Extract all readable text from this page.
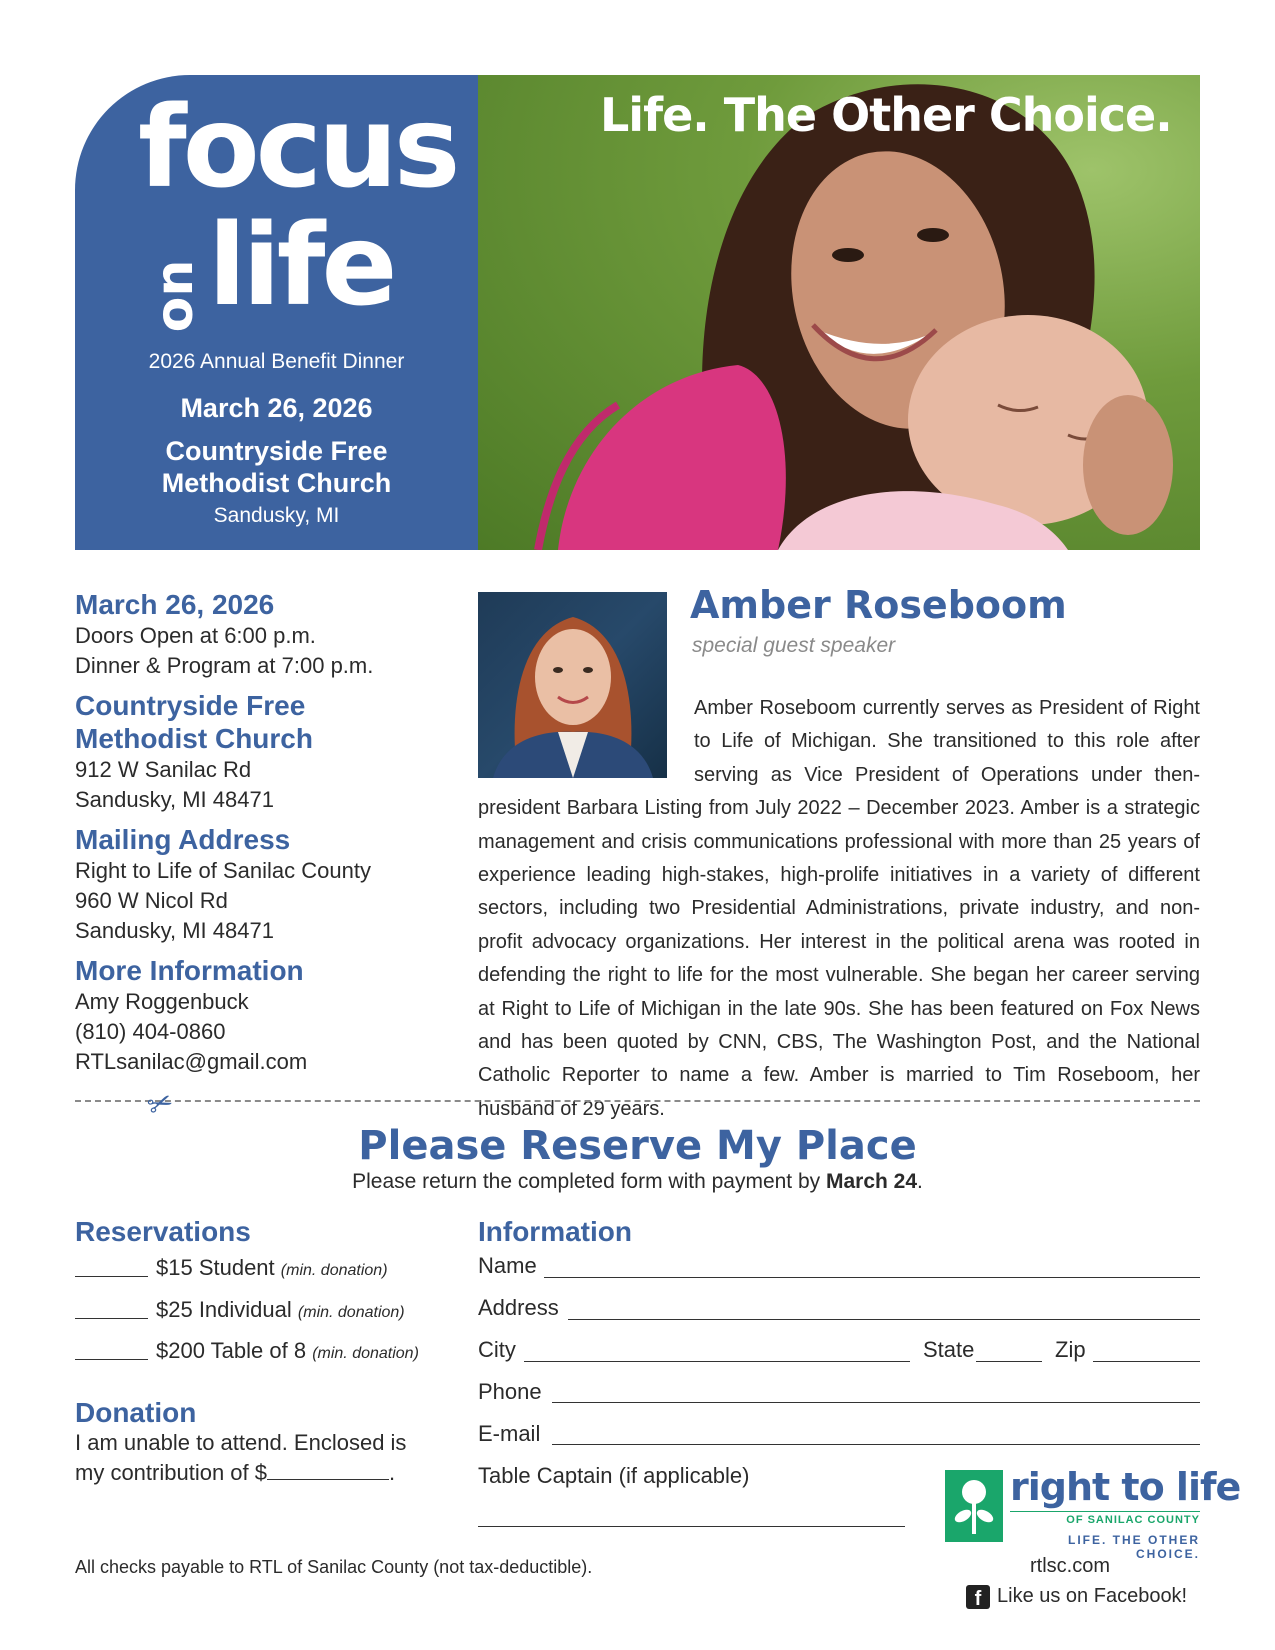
focus
on life
2026 Annual Benefit Dinner
March 26, 2026
Countryside Free
Methodist Church
Sandusky, MI
Life. The Other Choice.
March 26, 2026
Doors Open at 6:00 p.m.
Dinner & Program at 7:00 p.m.
Countryside Free
Methodist Church
912 W Sanilac Rd
Sandusky, MI 48471
Mailing Address
Right to Life of Sanilac County
960 W Nicol Rd
Sandusky, MI 48471
More Information
Amy Roggenbuck
(810) 404-0860
RTLsanilac@gmail.com
Amber Roseboom
special guest speaker
Amber Roseboom currently serves as President of Right to Life of Michigan. She transitioned to this role after serving as Vice President of Operations under then-president Barbara Listing from July 2022 – December 2023. Amber is a strategic management and crisis communications professional with more than 25 years of experience leading high-stakes, high-prolife initiatives in a variety of different sectors, including two Presidential Administrations, private industry, and non-profit advocacy organizations. Her interest in the political arena was rooted in defending the right to life for the most vulnerable. She began her career serving at Right to Life of Michigan in the late 90s. She has been featured on Fox News and has been quoted by CNN, CBS, The Washington Post, and the National Catholic Reporter to name a few. Amber is married to Tim Roseboom, her husband of 29 years.
✂
Please Reserve My Place
Please return the completed form with payment by March 24.
Reservations
$15 Student (min. donation)
$25 Individual (min. donation)
$200 Table of 8 (min. donation)
Donation
I am unable to attend. Enclosed is
my contribution of $	.
Information
Name
Address
City	State	Zip
Phone
E-mail
Table Captain (if applicable)
All checks payable to RTL of Sanilac County (not tax-deductible).
right to life
OF SANILAC COUNTY
LIFE. THE OTHER CHOICE.
rtlsc.com
f Like us on Facebook!
